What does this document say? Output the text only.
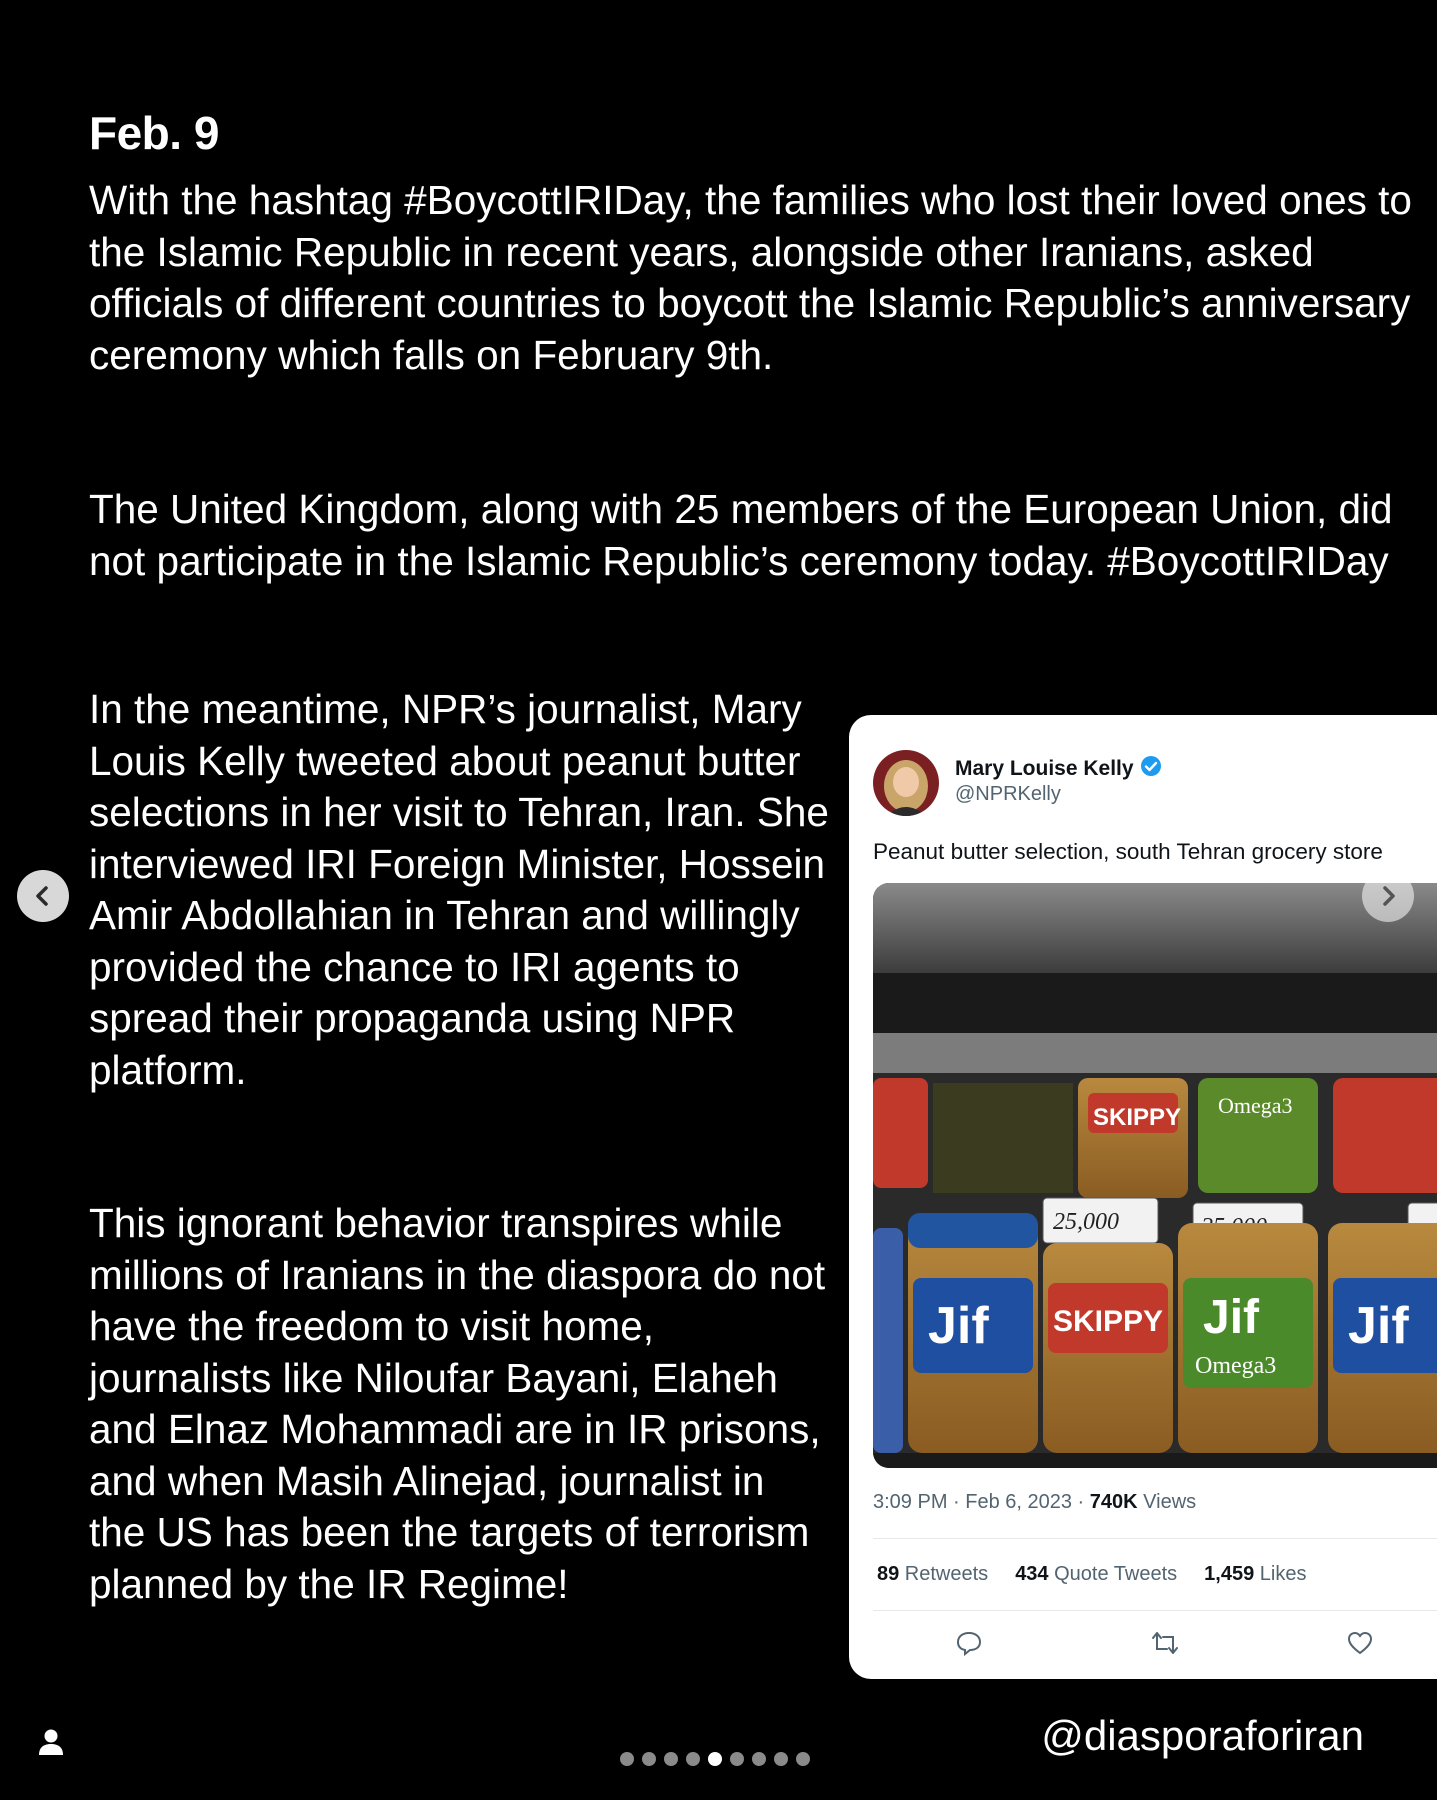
Feb. 9

With the hashtag #BoycottIRIDay, the families who lost their loved ones to the Islamic Republic in recent years, alongside other Iranians, asked officials of different countries to boycott the Islamic Republic’s anniversary ceremony which falls on February 9th.

The United Kingdom, along with 25 members of the European Union, did not participate in the Islamic Republic’s ceremony today. #BoycottIRIDay

In the meantime, NPR’s journalist, Mary Louis Kelly tweeted about peanut butter selections in her visit to Tehran, Iran. She interviewed IRI Foreign Minister, Hossein Amir Abdollahian in Tehran and willingly provided the chance to IRI agents to spread their propaganda using NPR platform.

This ignorant behavior transpires while millions of Iranians in the diaspora do not have the freedom to visit home, journalists like Niloufar Bayani, Elaheh and Elnaz Mohammadi are in IR prisons, and when Masih Alinejad, journalist in the US has been the targets of terrorism planned by the IR Regime!

Mary Louise Kelly
@NPRKelly
Peanut butter selection, south Tehran grocery store
SKIPPY Omega3
25,000
Jif SKIPPY Jif
Omega3
Jif
3:09 PM · Feb 6, 2023 · 740K Views
89 Retweets 434 Quote Tweets 1,459 Likes
@diasporaforiran
